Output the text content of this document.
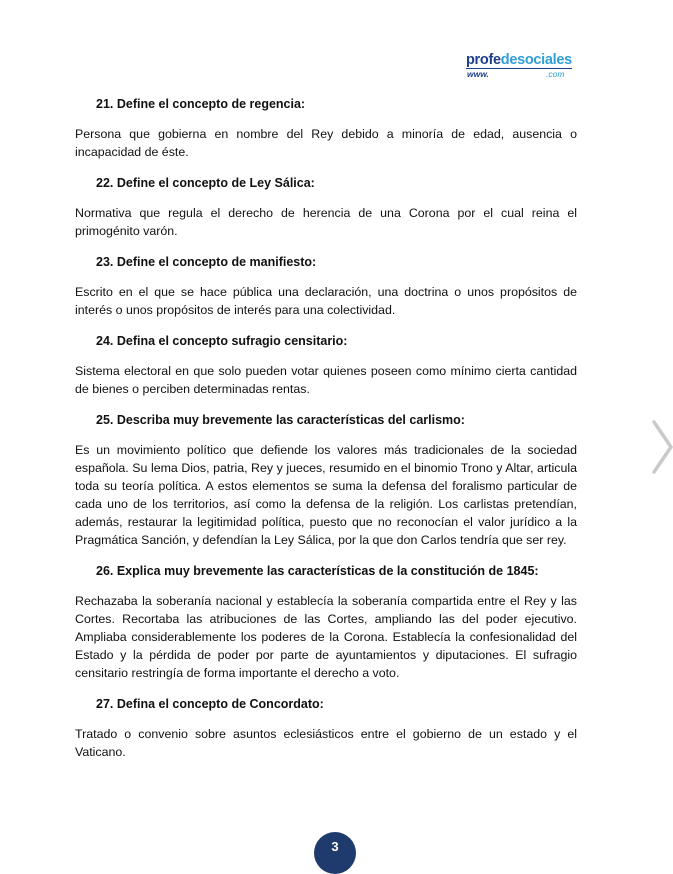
profedesociales
www.	.com

21. Define el concepto de regencia:

Persona que gobierna en nombre del Rey debido a minoría de edad, ausencia o incapacidad de éste.

22. Define el concepto de Ley Sálica:

Normativa que regula el derecho de herencia de una Corona por el cual reina el primogénito varón.

23. Define el concepto de manifiesto:

Escrito en el que se hace pública una declaración, una doctrina o unos propósitos de interés o unos propósitos de interés para una colectividad.

24. Defina el concepto sufragio censitario:

Sistema electoral en que solo pueden votar quienes poseen como mínimo cierta cantidad de bienes o perciben determinadas rentas.

25. Describa muy brevemente las características del carlismo:

Es un movimiento político que defiende los valores más tradicionales de la sociedad española. Su lema Dios, patria, Rey y jueces, resumido en el binomio Trono y Altar, articula toda su teoría política. A estos elementos se suma la defensa del foralismo particular de cada uno de los territorios, así como la defensa de la religión. Los carlistas pretendían, además, restaurar la legitimidad política, puesto que no reconocían el valor jurídico a la Pragmática Sanción, y defendían la Ley Sálica, por la que don Carlos tendría que ser rey.

26. Explica muy brevemente las características de la constitución de 1845:

Rechazaba la soberanía nacional y establecía la soberanía compartida entre el Rey y las Cortes. Recortaba las atribuciones de las Cortes, ampliando las del poder ejecutivo. Ampliaba considerablemente los poderes de la Corona. Establecía la confesionalidad del Estado y la pérdida de poder por parte de ayuntamientos y diputaciones. El sufragio censitario restringía de forma importante el derecho a voto.

27. Defina el concepto de Concordato:

Tratado o convenio sobre asuntos eclesiásticos entre el gobierno de un estado y el Vaticano.

3
